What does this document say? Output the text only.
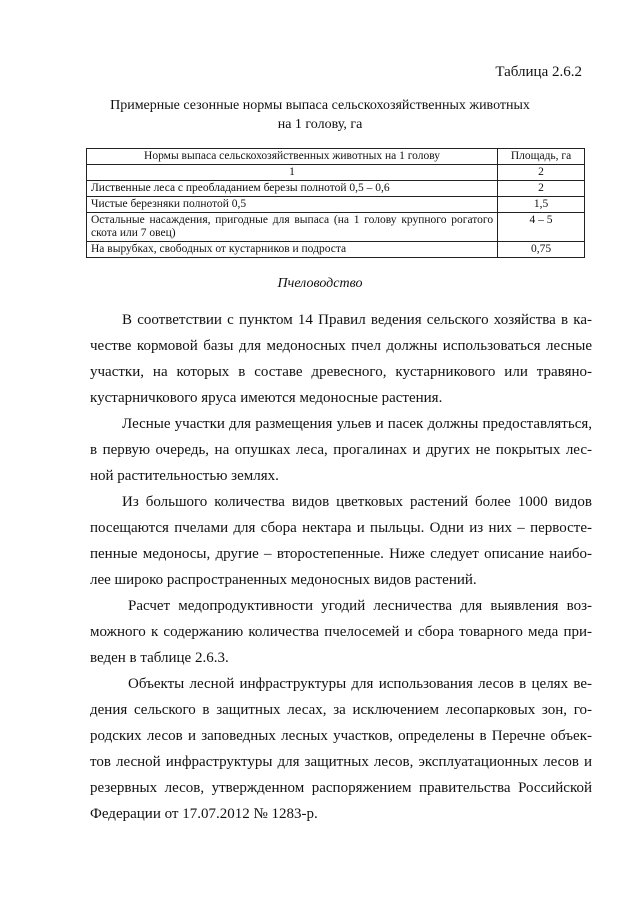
Таблица 2.6.2
Примерные сезонные нормы выпаса сельскохозяйственных животных
на 1 голову, га
Нормы выпаса сельскохозяйственных животных на 1 голову	Площадь, га
1	2
Лиственные леса с преобладанием березы полнотой 0,5 – 0,6	2
Чистые березняки полнотой 0,5	1,5
Остальные насаждения, пригодные для выпаса (на 1 голову крупного рогатого скота или 7 овец)	4 – 5
На вырубках, свободных от кустарников и подроста	0,75
Пчеловодство

В соответствии с пунктом 14 Правил ведения сельского хозяйства в ка-
честве кормовой базы для медоносных пчел должны использоваться лесные
участки, на которых в составе древесного, кустарникового или травяно-
кустарничкового яруса имеются медоносные растения.

Лесные участки для размещения ульев и пасек должны предоставляться,
в первую очередь, на опушках леса, прогалинах и других не покрытых лес-
ной растительностью землях.

Из большого количества видов цветковых растений более 1000 видов
посещаются пчелами для сбора нектара и пыльцы. Одни из них – первосте-
пенные медоносы, другие – второстепенные. Ниже следует описание наибо-
лее широко распространенных медоносных видов растений.

Расчет медопродуктивности угодий лесничества для выявления воз-
можного к содержанию количества пчелосемей и сбора товарного меда при-
веден в таблице 2.6.3.

Объекты лесной инфраструктуры для использования лесов в целях ве-
дения сельского в защитных лесах, за исключением лесопарковых зон, го-
родских лесов и заповедных лесных участков, определены в Перечне объек-
тов лесной инфраструктуры для защитных лесов, эксплуатационных лесов и
резервных лесов, утвержденном распоряжением правительства Российской
Федерации от 17.07.2012 № 1283-р.
